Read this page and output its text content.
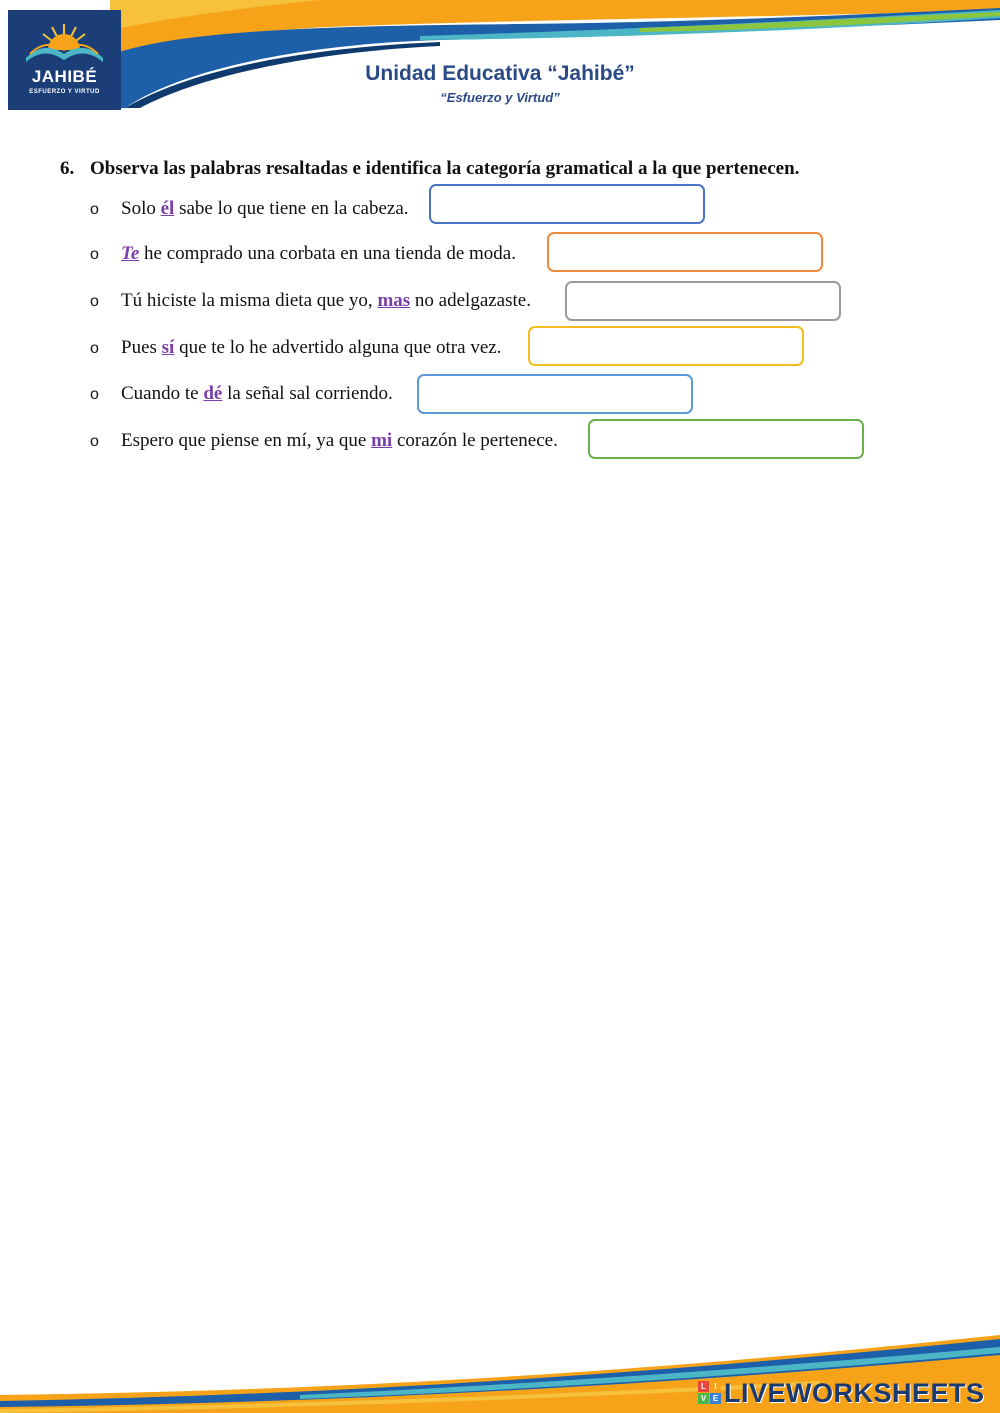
JAHIBÉ
ESFUERZO Y VIRTUD
Unidad Educativa “Jahibé”
“Esfuerzo y Virtud”
6. Observa las palabras resaltadas e identifica la categoría gramatical a la que pertenecen.
o Solo él sabe lo que tiene en la cabeza.
o Te he comprado una corbata en una tienda de moda.
o Tú hiciste la misma dieta que yo, mas no adelgazaste.
o Pues sí que te lo he advertido alguna que otra vez.
o Cuando te dé la señal sal corriendo.
o Espero que piense en mí, ya que mi corazón le pertenece.
L	I
V E LIVEWORKSHEETS
